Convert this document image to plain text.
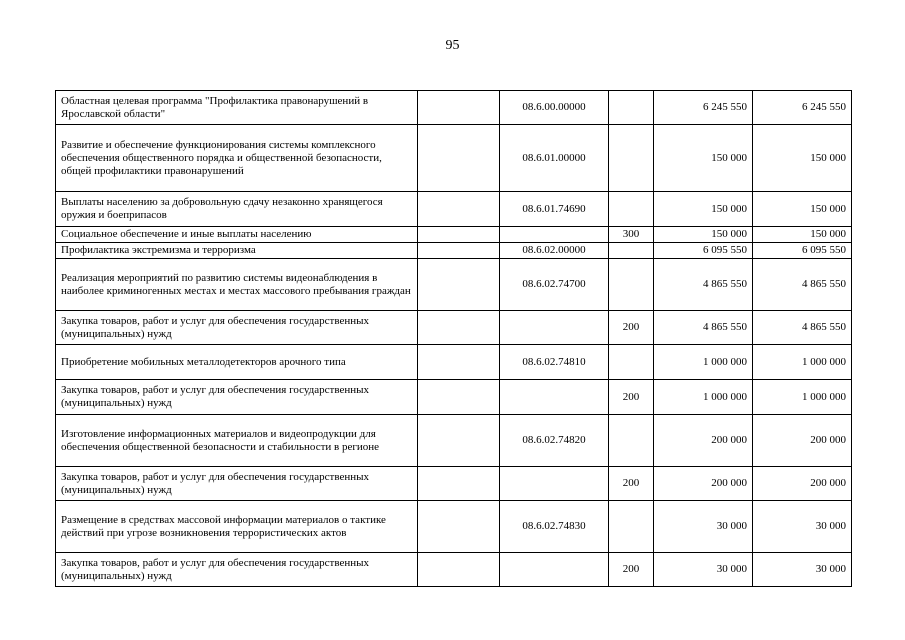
95
Областная целевая программа "Профилактика правонарушений в Ярославской области"		08.6.00.00000		6 245 550	6 245 550
Развитие и обеспечение функционирования системы комплексного обеспечения общественного порядка и общественной безопасности, общей профилактики правонарушений		08.6.01.00000		150 000	150 000
Выплаты населению за добровольную сдачу незаконно хранящегося оружия и боеприпасов		08.6.01.74690		150 000	150 000
Социальное обеспечение и иные выплаты населению			300	150 000	150 000
Профилактика экстремизма и терроризма		08.6.02.00000		6 095 550	6 095 550
Реализация мероприятий по развитию системы видеонаблюдения в наиболее криминогенных местах и местах массового пребывания граждан		08.6.02.74700		4 865 550	4 865 550
Закупка товаров, работ и услуг для обеспечения государственных (муниципальных) нужд			200	4 865 550	4 865 550
Приобретение мобильных металлодетекторов арочного типа		08.6.02.74810		1 000 000	1 000 000
Закупка товаров, работ и услуг для обеспечения государственных (муниципальных) нужд			200	1 000 000	1 000 000
Изготовление информационных материалов и видеопродукции для обеспечения общественной безопасности и стабильности в регионе		08.6.02.74820		200 000	200 000
Закупка товаров, работ и услуг для обеспечения государственных (муниципальных) нужд			200	200 000	200 000
Размещение в средствах массовой информации материалов о тактике действий при угрозе возникновения террористических актов		08.6.02.74830		30 000	30 000
Закупка товаров, работ и услуг для обеспечения государственных (муниципальных) нужд			200	30 000	30 000
